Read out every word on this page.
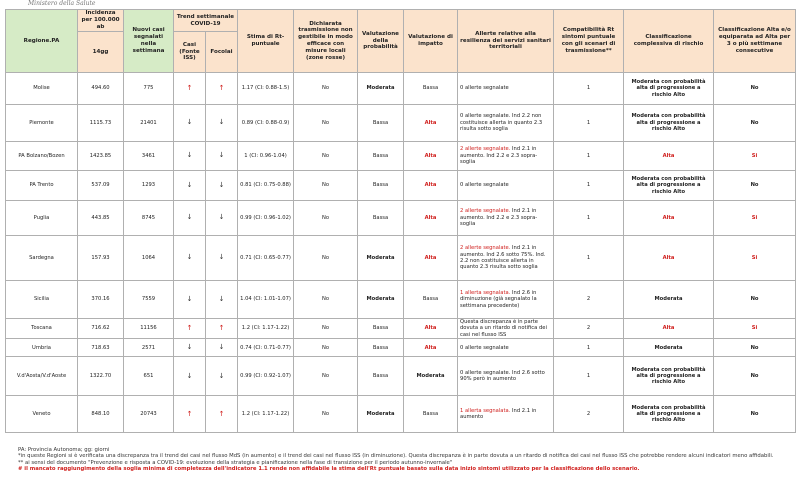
Ministero della Salute
Regione.PA	Incidenza per 100.000 ab	Nuovi casi segnalati nella settimana	Trend settimanale COVID-19		Stima di Rt-puntuale	Dichiarata trasmissione non gestibile in modo efficace con misure locali (zone rosse)	Valutazione della probabilità	Valutazione di impatto	Allerte relative alla resilienza dei servizi sanitari territoriali	Compatibilità Rt sintomi puntuale con gli scenari di trasmissione**	Classificazione complessiva di rischio	Classificazione Alta e/o equiparata ad Alta per 3 o più settimane consecutive
	14gg		Casi (Fonte ISS)	Focolai								
Molise	494.60	775	↑	↑	1.17 (CI: 0.88-1.5)	No	Moderata	Bassa	0 allerte segnalate	1	Moderata con probabilità alta di progressione a rischio Alto	No
Piemonte	1115.73	21401	↓	↓	0.89 (CI: 0.88-0.9)	No	Bassa	Alta	0 allerte segnalate. Ind 2.2 non costituisce allerta in quanto 2.3 risulta sotto soglia	1	Moderata con probabilità alta di progressione a rischio Alto	No
PA Bolzano/Bozen	1423.85	3461	↓	↓	1 (CI: 0.96-1.04)	No	Bassa	Alta	2 allerte segnalate. Ind 2.1 in aumento. Ind 2.2 e 2.3 sopra-soglia	1	Alta	Si
PA Trento	537.09	1293	↓	↓	0.81 (CI: 0.75-0.88)	No	Bassa	Alta	0 allerte segnalate	1	Moderata con probabilità alta di progressione a rischio Alto	No
Puglia	443.85	8745	↓	↓	0.99 (CI: 0.96-1.02)	No	Bassa	Alta	2 allerte segnalate. Ind 2.1 in aumento. Ind 2.2 e 2.3 sopra-soglia	1	Alta	Si
Sardegna	157.93	1064	↓	↓	0.71 (CI: 0.65-0.77)	No	Moderata	Alta	2 allerte segnalate. Ind 2.1 in aumento. Ind 2.6 sotto 75%. Ind. 2.2 non costituisce allerta in quanto 2.3 risulta sotto soglia	1	Alta	Si
Sicilia	370.16	7559	↓	↓	1.04 (CI: 1.01-1.07)	No	Moderata	Bassa	1 allerta segnalata. Ind 2.6 in diminuzione (già segnalato la settimana precedente)	2	Moderata	No
Toscana	716.62	11156	↑	↑	1.2 (CI: 1.17-1.22)	No	Bassa	Alta	Questa discrepanza è in parte dovuta a un ritardo di notifica dei casi nel flusso ISS	2	Alta	Si
Umbria	718.63	2571	↓	↓	0.74 (CI: 0.71-0.77)	No	Bassa	Alta	0 allerte segnalate	1	Moderata	No
V.d'Aosta/V.d'Aoste	1322.70	651	↓	↓	0.99 (CI: 0.92-1.07)	No	Bassa	Moderata	0 allerte segnalate. Ind 2.6 sotto 90% però in aumento	1	Moderata con probabilità alta di progressione a rischio Alto	No
Veneto	848.10	20743	↑	↑	1.2 (CI: 1.17-1.22)	No	Moderata	Bassa	1 allerta segnalata. Ind 2.1 in aumento	2	Moderata con probabilità alta di progressione a rischio Alto	No
PA: Provincia Autonoma; gg: giorni
*in queste Regioni si è verificata una discrepanza tra il trend dei casi nel flusso MdS (in aumento) e il trend dei casi nel flusso ISS (in diminuzione). Questa discrepanza è in parte dovuta a un ritardo di notifica dei casi nel flusso ISS che potrebbe rendere alcuni indicatori meno affidabili.
** ai sensi del documento "Prevenzione e risposta a COVID-19: evoluzione della strategia e pianificazione nella fase di transizione per il periodo autunno-invernale"
# il mancato raggiungimento della soglia minima di completezza dell'indicatore 1.1 rende non affidabile la stima dell'Rt puntuale basato sulla data inizio sintomi utilizzato per la classificazione dello scenario.
